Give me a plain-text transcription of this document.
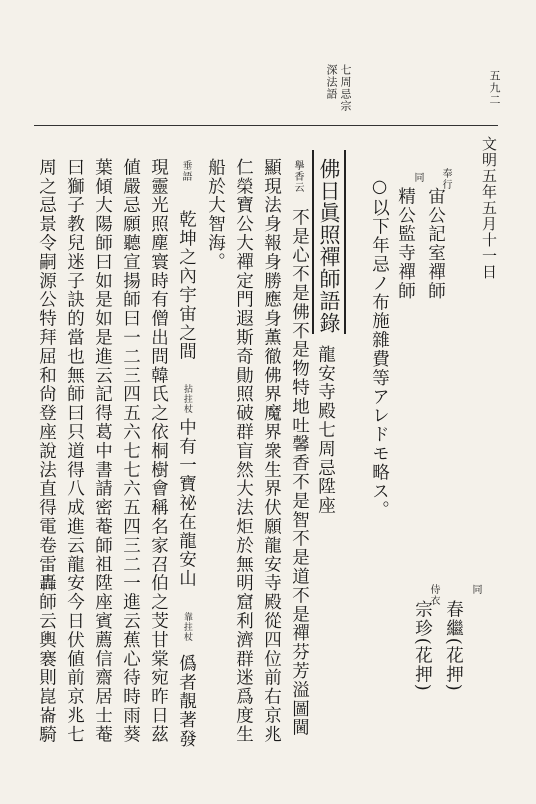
七周忌宗
深法語	五九二
文明五年五月十一日
奉行
宙公記室禪師
同
精公監寺禪師
同
春繼(花押)
侍衣
宗珍(花押)
○以下年忌ノ布施雜費等アレドモ略ス。
佛日眞照禪師語錄
龍安寺殿七周忌陞座
擧香云
不是心不是佛不是物特地吐馨香不是智不是道不是禪芬芳溢圖閫
顯現法身報身勝應身薫徹佛界魔界衆生界伏願龍安寺殿從四位前右京兆
仁榮寶公大禪定門遐斯奇勛照破群盲然大法炬於無明窟利濟群迷爲度生
船於大智海。
垂語
乾坤之內宇宙之間
拈拄杖
中有一寶祕在龍安山
靠拄杖
僞者靚著發
現靈光照塵寰時有僧出問韓氏之依桐樹會稱名家召伯之芠甘棠宛昨日茲
値嚴忌願聽宣揚師曰一二三四五六七七六五四三二一進云蕉心待時雨葵
葉傾大陽師曰如是如是進云記得葛中書請密菴師祖陞座賓薦信齋居士菴
曰獅子教兒迷子訣的當也無師曰只道得八成進云龍安今日伏値前京兆七
周之忌景令嗣源公特拜屈和尙登座說法直得電卷雷轟師云輿褰則崑崙騎
